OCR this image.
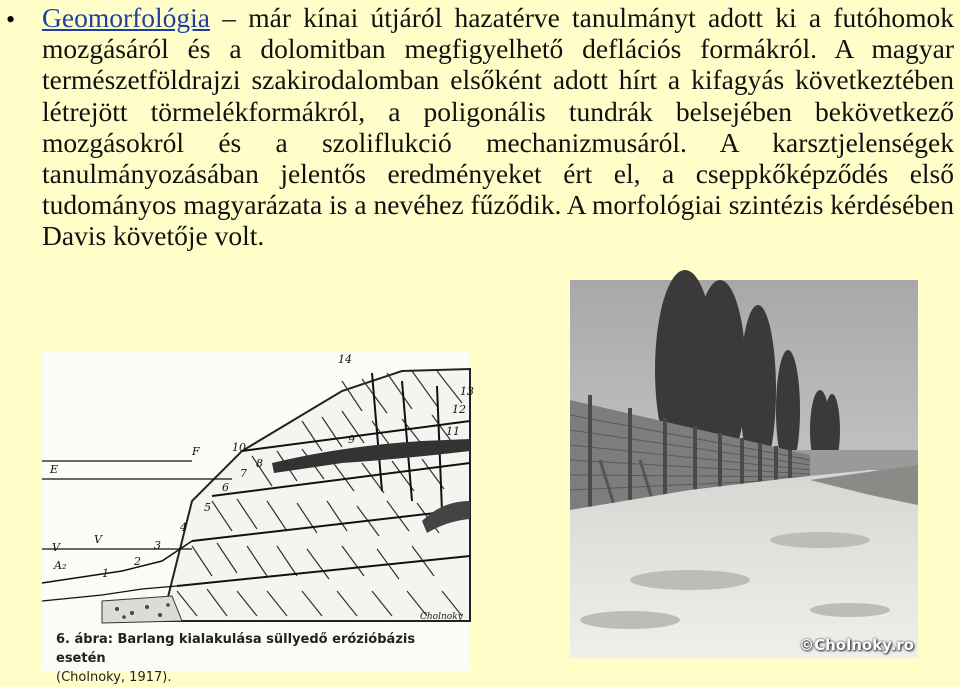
• Geomorfológia – már kínai útjáról hazatérve tanulmányt adott ki a futóhomok mozgásáról és a dolomitban megfigyelhető deflációs formákról. A magyar természetföldrajzi szakirodalomban elsőként adott hírt a kifagyás következtében létrejött törmelékformákról, a poligonális tundrák belsejében bekövetkező mozgásokról és a szoliflukció mechanizmusáról. A karsztjelenségek tanulmányozásában jelentős eredményeket ért el, a cseppkőképződés első tudományos magyarázata is a nevéhez fűződik. A morfológiai szintézis kérdésében Davis követője volt.

14
13
12
11
10
9
F
E
V
V
A₂
1
2
3
4
5
6
7
8
Cholnoky
6. ábra: Barlang kialakulása süllyedő erózióbázis esetén
(Cholnoky, 1917).
©Cholnoky.ro
